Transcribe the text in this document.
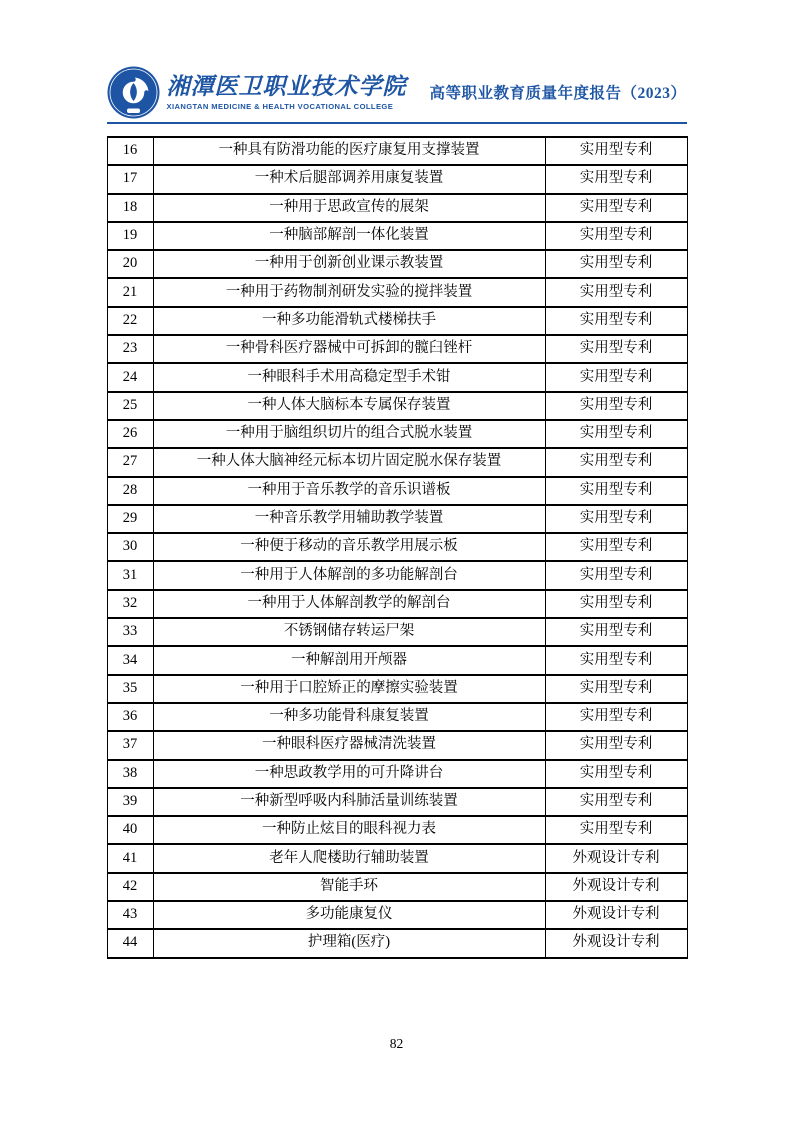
湘潭医卫职业技术学院
XIANGTAN MEDICINE & HEALTH VOCATIONAL COLLEGE
高等职业教育质量年度报告（2023）
16	一种具有防滑功能的医疗康复用支撑装置	实用型专利
17	一种术后腿部调养用康复装置	实用型专利
18	一种用于思政宣传的展架	实用型专利
19	一种脑部解剖一体化装置	实用型专利
20	一种用于创新创业课示教装置	实用型专利
21	一种用于药物制剂研发实验的搅拌装置	实用型专利
22	一种多功能滑轨式楼梯扶手	实用型专利
23	一种骨科医疗器械中可拆卸的髋臼锉杆	实用型专利
24	一种眼科手术用高稳定型手术钳	实用型专利
25	一种人体大脑标本专属保存装置	实用型专利
26	一种用于脑组织切片的组合式脱水装置	实用型专利
27	一种人体大脑神经元标本切片固定脱水保存装置	实用型专利
28	一种用于音乐教学的音乐识谱板	实用型专利
29	一种音乐教学用辅助教学装置	实用型专利
30	一种便于移动的音乐教学用展示板	实用型专利
31	一种用于人体解剖的多功能解剖台	实用型专利
32	一种用于人体解剖教学的解剖台	实用型专利
33	不锈钢储存转运尸架	实用型专利
34	一种解剖用开颅器	实用型专利
35	一种用于口腔矫正的摩擦实验装置	实用型专利
36	一种多功能骨科康复装置	实用型专利
37	一种眼科医疗器械清洗装置	实用型专利
38	一种思政教学用的可升降讲台	实用型专利
39	一种新型呼吸内科肺活量训练装置	实用型专利
40	一种防止炫目的眼科视力表	实用型专利
41	老年人爬楼助行辅助装置	外观设计专利
42	智能手环	外观设计专利
43	多功能康复仪	外观设计专利
44	护理箱(医疗)	外观设计专利
82
